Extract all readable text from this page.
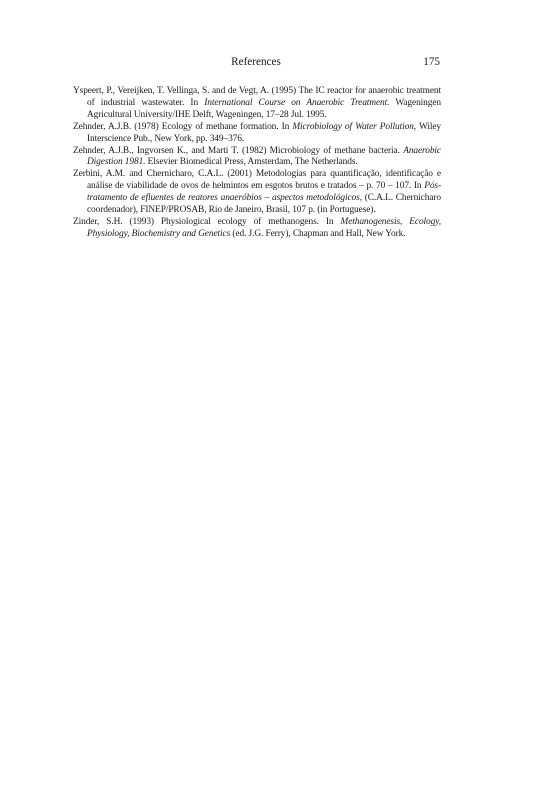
References	175
Yspeert, P., Vereijken, T. Vellinga, S. and de Vegt, A. (1995) The IC reactor for anaerobic treatment of industrial wastewater. In International Course on Anaerobic Treatment. Wageningen Agricultural University/IHE Delft, Wageningen, 17–28 Jul. 1995.
Zehnder, A.J.B. (1978) Ecology of methane formation. In Microbiology of Water Pollution, Wiley Interscience Pub., New York, pp. 349–376.
Zehnder, A.J.B., Ingvorsen K., and Marti T. (1982) Microbiology of methane bacteria. Anaerobic Digestion 1981. Elsevier Biomedical Press, Amsterdam, The Netherlands.
Zerbini, A.M. and Chernicharo, C.A.L. (2001) Metodologias para quantificação, identificação e análise de viabilidade de ovos de helmintos em esgotos brutos e tratados – p. 70 – 107. In Pós-tratamento de efluentes de reatores anaeróbios – aspectos metodológicos, (C.A.L. Chernicharo coordenador), FINEP/PROSAB, Rio de Janeiro, Brasil, 107 p. (in Portuguese).
Zinder, S.H. (1993) Physiological ecology of methanogens. In Methanogenesis, Ecology, Physiology, Biochemistry and Genetics (ed. J.G. Ferry), Chapman and Hall, New York.
